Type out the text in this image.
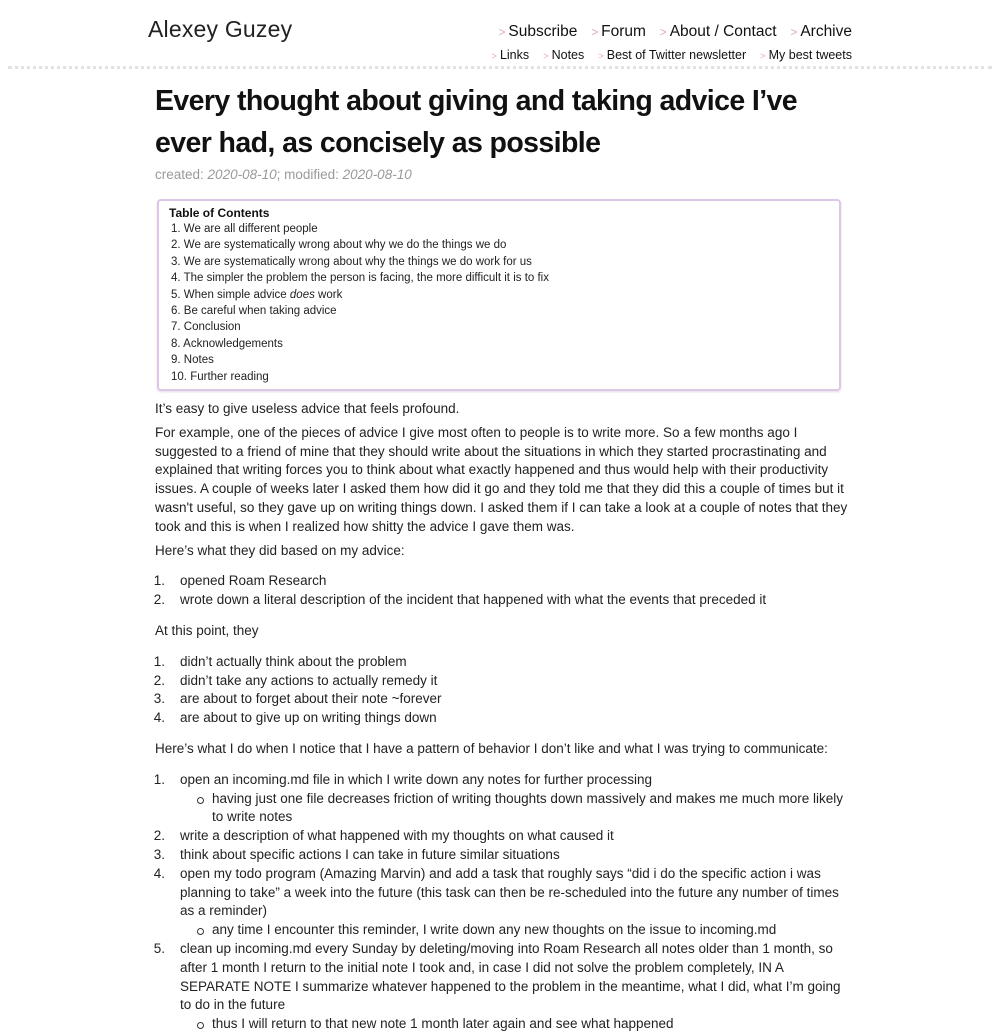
Alexey Guzey	> Subscribe > Forum > About / Contact > Archive
> Links > Notes > Best of Twitter newsletter > My best tweets
Every thought about giving and taking advice I’ve ever had, as concisely as possible
created: 2020-08-10; modified: 2020-08-10
Table of Contents
1. We are all different people
2. We are systematically wrong about why we do the things we do
3. We are systematically wrong about why the things we do work for us
4. The simpler the problem the person is facing, the more difficult it is to fix
5. When simple advice does work
6. Be careful when taking advice
7. Conclusion
8. Acknowledgements
9. Notes
10. Further reading

It’s easy to give useless advice that feels profound.

For example, one of the pieces of advice I give most often to people is to write more. So a few months ago I suggested to a friend of mine that they should write about the situations in which they started procrastinating and explained that writing forces you to think about what exactly happened and thus would help with their productivity issues. A couple of weeks later I asked them how did it go and they told me that they did this a couple of times but it wasn't useful, so they gave up on writing things down. I asked them if I can take a look at a couple of notes that they took and this is when I realized how shitty the advice I gave them was.

Here’s what they did based on my advice:

1.	opened Roam Research
2.	wrote down a literal description of the incident that happened with what the events that preceded it

At this point, they

1.	didn’t actually think about the problem
2.	didn’t take any actions to actually remedy it
3.	are about to forget about their note ~forever
4.	are about to give up on writing things down

Here’s what I do when I notice that I have a pattern of behavior I don’t like and what I was trying to communicate:

1.	open an incoming.md file in which I write down any notes for further processing
having just one file decreases friction of writing thoughts down massively and makes me much more likely to write notes
2.	write a description of what happened with my thoughts on what caused it
3.	think about specific actions I can take in future similar situations
4.	open my todo program (Amazing Marvin) and add a task that roughly says “did i do the specific action i was planning to take” a week into the future (this task can then be re-scheduled into the future any number of times as a reminder)
any time I encounter this reminder, I write down any new thoughts on the issue to incoming.md
5.	clean up incoming.md every Sunday by deleting/moving into Roam Research all notes older than 1 month, so after 1 month I return to the initial note I took and, in case I did not solve the problem completely, IN A SEPARATE NOTE I summarize whatever happened to the problem in the meantime, what I did, what I’m going to do in the future
thus I will return to that new note 1 month later again and see what happened
